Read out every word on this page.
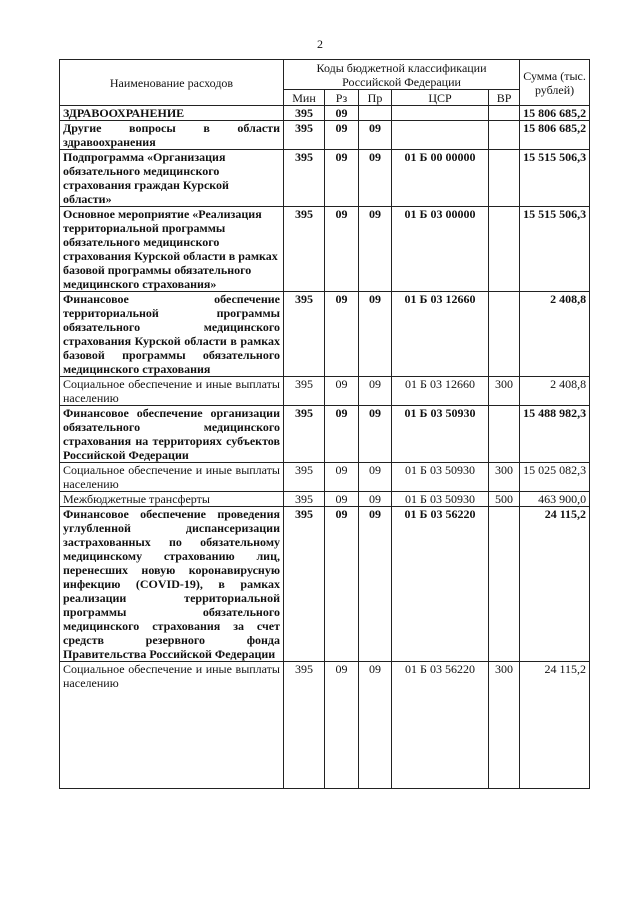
2
Наименование расходов	Коды бюджетной классификации Российской Федерации					Сумма (тыс. рублей)
	Мин	Рз	Пр	ЦСР	ВР	
ЗДРАВООХРАНЕНИЕ	395	09				15 806 685,2
Другие вопросы в области здравоохранения	395	09	09			15 806 685,2
Подпрограмма «Организация обязательного медицинского страхования граждан Курской области»	395	09	09	01 Б 00 00000		15 515 506,3
Основное мероприятие «Реализация территориальной программы обязательного медицинского страхования Курской области в рамках базовой программы обязательного медицинского страхования»	395	09	09	01 Б 03 00000		15 515 506,3
Финансовое обеспечение территориальной программы обязательного медицинского страхования Курской области в рамках базовой программы обязательного медицинского страхования	395	09	09	01 Б 03 12660		2 408,8
Социальное обеспечение и иные выплаты населению	395	09	09	01 Б 03 12660	300	2 408,8
Финансовое обеспечение организации обязательного медицинского страхования на территориях субъектов Российской Федерации	395	09	09	01 Б 03 50930		15 488 982,3
Социальное обеспечение и иные выплаты населению	395	09	09	01 Б 03 50930	300	15 025 082,3
Межбюджетные трансферты	395	09	09	01 Б 03 50930	500	463 900,0
Финансовое обеспечение проведения углубленной диспансеризации застрахованных по обязательному медицинскому страхованию лиц, перенесших новую коронавирусную инфекцию (COVID-19), в рамках реализации территориальной программы обязательного медицинского страхования за счет средств резервного фонда Правительства Российской Федерации	395	09	09	01 Б 03 56220		24 115,2
Социальное обеспечение и иные выплаты населению	395	09	09	01 Б 03 56220	300	24 115,2
